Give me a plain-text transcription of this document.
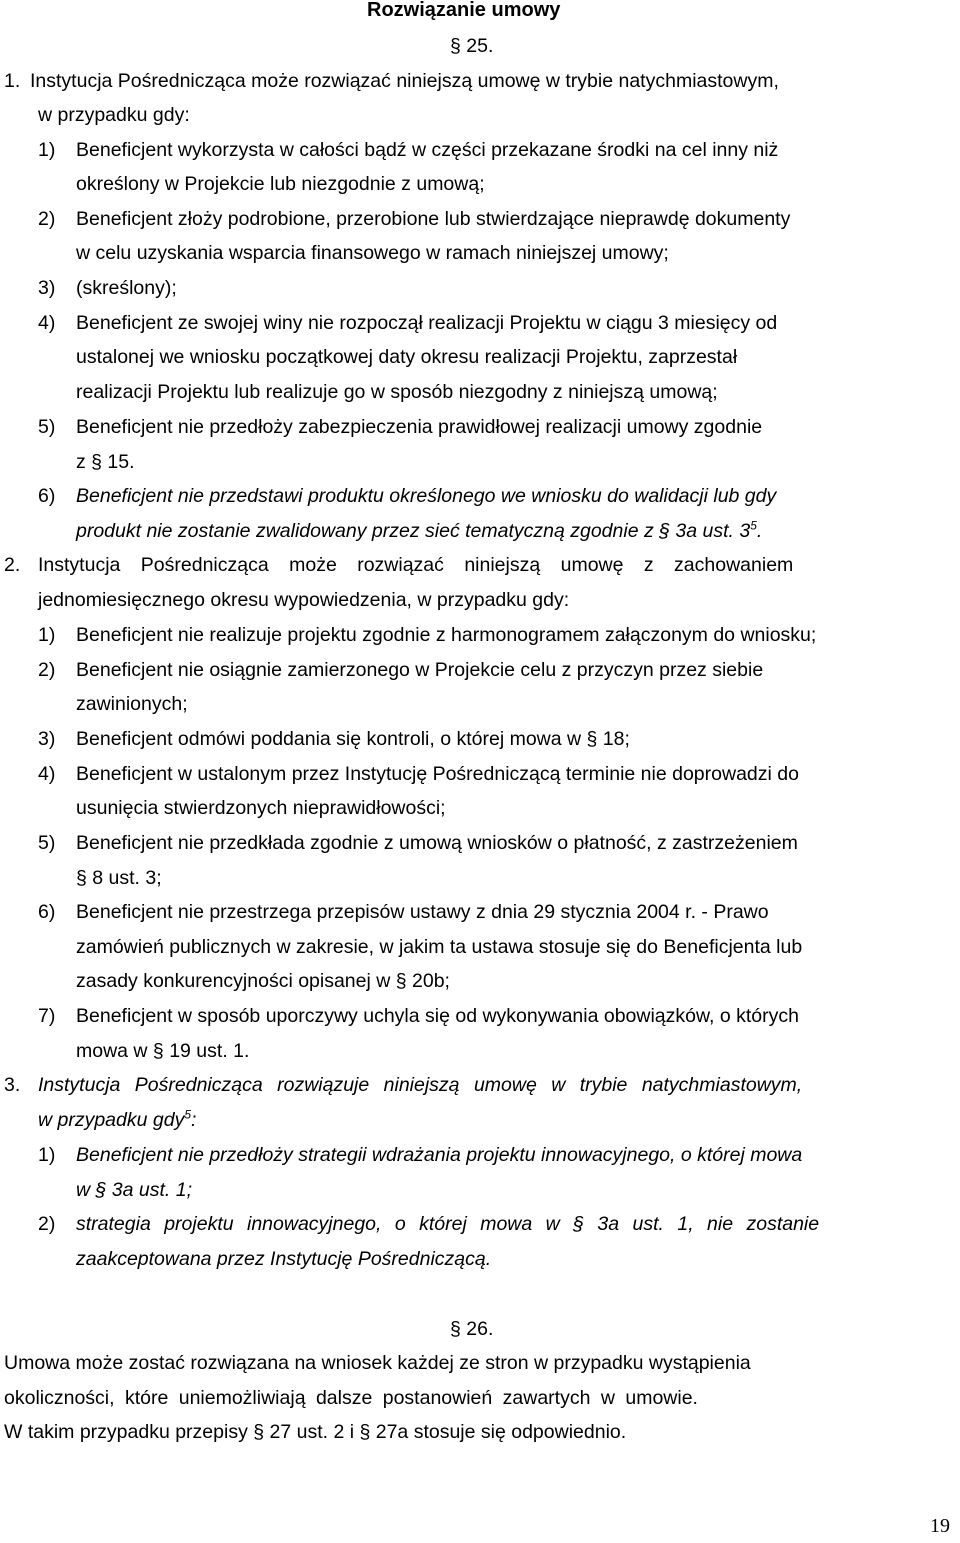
Rozwiązanie umowy
§ 25.
1. Instytucja Pośrednicząca może rozwiązać niniejszą umowę w trybie natychmiastowym,
w przypadku gdy:
1) Beneficjent wykorzysta w całości bądź w części przekazane środki na cel inny niż
określony w Projekcie lub niezgodnie z umową;
2) Beneficjent złoży podrobione, przerobione lub stwierdzające nieprawdę dokumenty
w celu uzyskania wsparcia finansowego w ramach niniejszej umowy;
3) (skreślony);
4) Beneficjent ze swojej winy nie rozpoczął realizacji Projektu w ciągu 3 miesięcy od
ustalonej we wniosku początkowej daty okresu realizacji Projektu, zaprzestał
realizacji Projektu lub realizuje go w sposób niezgodny z niniejszą umową;
5) Beneficjent nie przedłoży zabezpieczenia prawidłowej realizacji umowy zgodnie
z § 15.
6) Beneficjent nie przedstawi produktu określonego we wniosku do walidacji lub gdy
produkt nie zostanie zwalidowany przez sieć tematyczną zgodnie z § 3a ust. $3^5$.
2. Instytucja Pośrednicząca może rozwiązać niniejszą umowę z zachowaniem
jednomiesięcznego okresu wypowiedzenia, w przypadku gdy:
1) Beneficjent nie realizuje projektu zgodnie z harmonogramem załączonym do wniosku;
2) Beneficjent nie osiągnie zamierzonego w Projekcie celu z przyczyn przez siebie
zawinionych;
3) Beneficjent odmówi poddania się kontroli, o której mowa w § 18;
4) Beneficjent w ustalonym przez Instytucję Pośredniczącą terminie nie doprowadzi do
usunięcia stwierdzonych nieprawidłowości;
5) Beneficjent nie przedkłada zgodnie z umową wniosków o płatność, z zastrzeżeniem
§ 8 ust. 3;
6) Beneficjent nie przestrzega przepisów ustawy z dnia 29 stycznia 2004 r. - Prawo
zamówień publicznych w zakresie, w jakim ta ustawa stosuje się do Beneficjenta lub
zasady konkurencyjności opisanej w § 20b;
7) Beneficjent w sposób uporczywy uchyla się od wykonywania obowiązków, o których
mowa w § 19 ust. 1.
3. Instytucja Pośrednicząca rozwiązuje niniejszą umowę w trybie natychmiastowym,
w przypadku gdy$^5$:
1) Beneficjent nie przedłoży strategii wdrażania projektu innowacyjnego, o której mowa
w § 3a ust. 1;
2) strategia projektu innowacyjnego, o której mowa w § 3a ust. 1, nie zostanie
zaakceptowana przez Instytucję Pośredniczącą.
§ 26.
Umowa może zostać rozwiązana na wniosek każdej ze stron w przypadku wystąpienia
okoliczności, które uniemożliwiają dalsze postanowień zawartych w umowie.
W takim przypadku przepisy § 27 ust. 2 i § 27a stosuje się odpowiednio.
19
